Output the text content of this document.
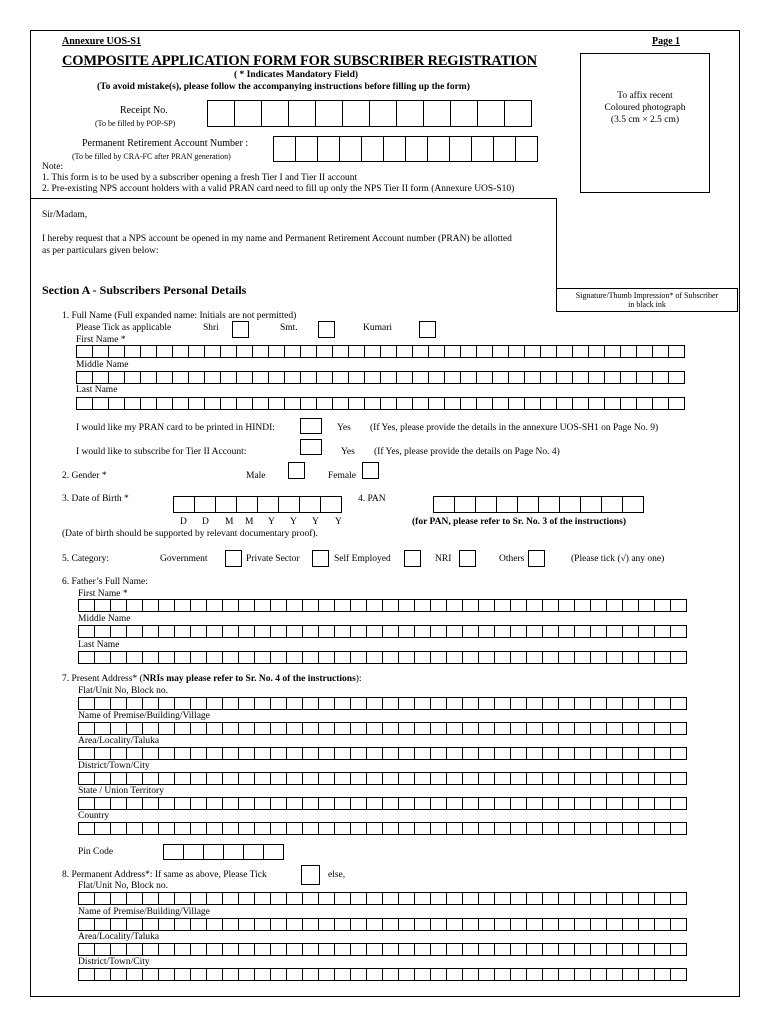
Annexure UOS-S1	Page 1
COMPOSITE APPLICATION FORM FOR SUBSCRIBER REGISTRATION
( * Indicates Mandatory Field)
(To avoid mistake(s), please follow the accompanying instructions before filling up the form)
To affix recent
Coloured photograph
(3.5 cm × 2.5 cm)
Receipt No.
(To be filled by POP-SP)
Permanent Retirement Account Number :
(To be filled by CRA-FC after PRAN generation)
Note:
1. This form is to be used by a subscriber opening a fresh Tier I and Tier II account
2. Pre-existing NPS account holders with a valid PRAN card need to fill up only the NPS Tier II form (Annexure UOS-S10)
Sir/Madam,
I hereby request that a NPS account be opened in my name and Permanent Retirement Account number (PRAN) be allotted
as per particulars given below:
Signature/Thumb Impression* of Subscriber
in black ink
Section A - Subscribers Personal Details
1. Full Name (Full expanded name: Initials are not permitted)
Please Tick as applicable	Shri	Smt.	Kumari
First Name *
Middle Name
Last Name
I would like my PRAN card to be printed in HINDI:	Yes (If Yes, please provide the details in the annexure UOS-SH1 on Page No. 9)
I would like to subscribe for Tier II Account:	Yes (If Yes, please provide the details on Page No. 4)
2. Gender *	Male	Female
3. Date of Birth *	4. PAN
D D M M Y Y Y Y	(for PAN, please refer to Sr. No. 3 of the instructions)
(Date of birth should be supported by relevant documentary proof).
5. Category:	Government	Private Sector	Self Employed	NRI	Others	(Please tick (√) any one)
6. Father’s Full Name:
First Name *
Middle Name
Last Name
7. Present Address* (NRIs may please refer to Sr. No. 4 of the instructions):
Flat/Unit No, Block no.
Name of Premise/Building/Village
Area/Locality/Taluka
District/Town/City
State / Union Territory
Country
Pin Code
8. Permanent Address*: If same as above, Please Tick	else,
Flat/Unit No, Block no.
Name of Premise/Building/Village
Area/Locality/Taluka
District/Town/City
